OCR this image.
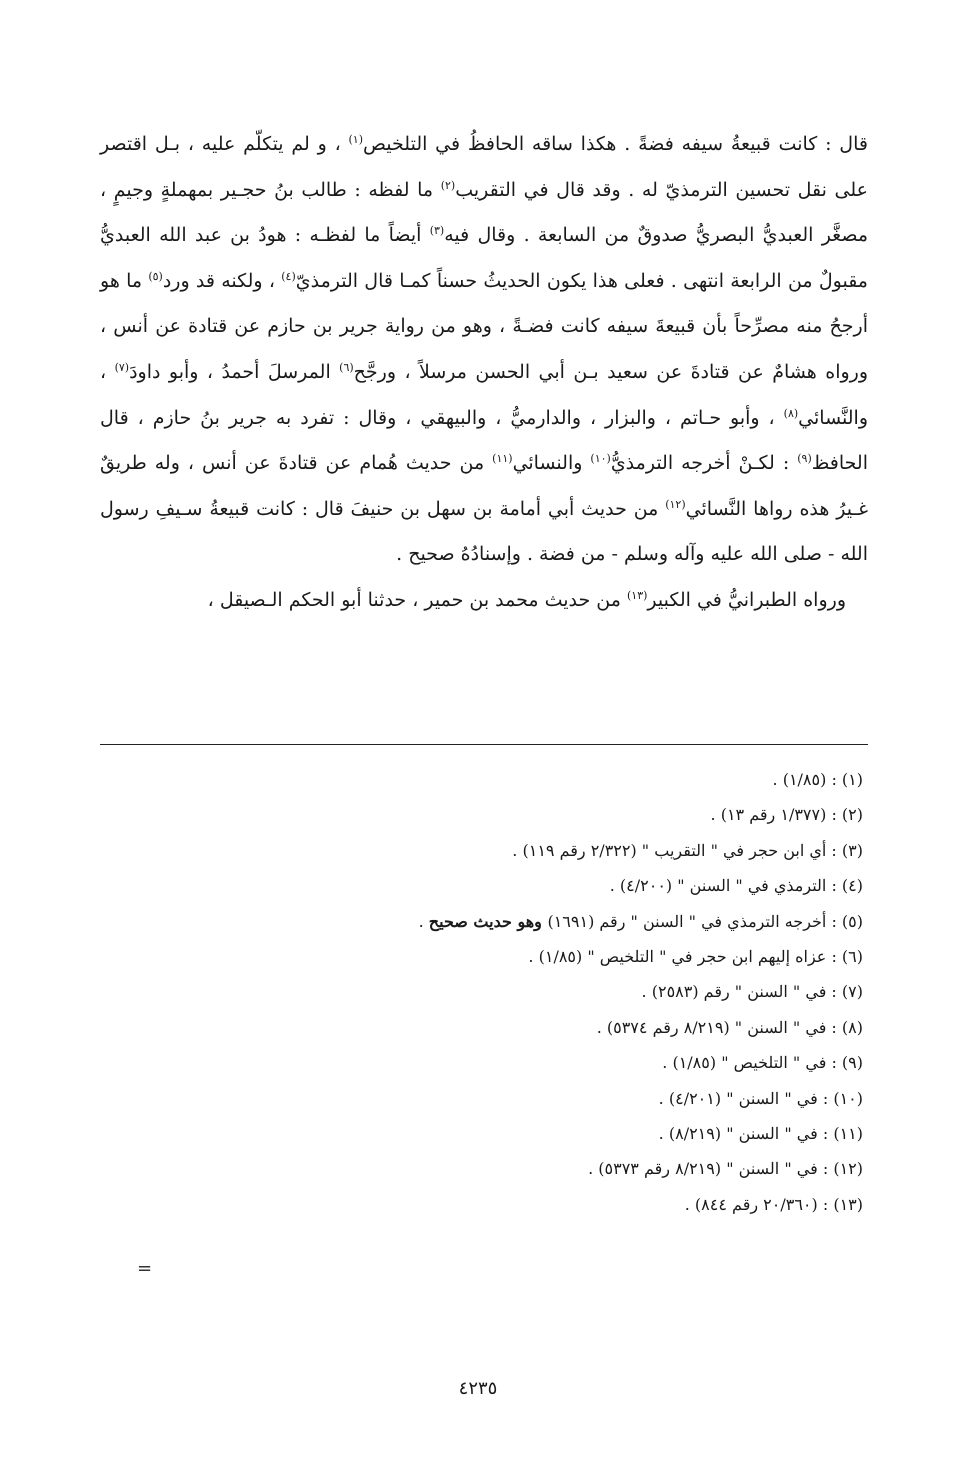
قال : كانت قبيعةُ سيفه فضةً . هكذا ساقه الحافظُ في التلخيص$^{(١)}$ ، و لم يتكلّم عليه ، بـل اقتصر على نقل تحسين الترمذيّ له . وقد قال في التقريب$^{(٢)}$ ما لفظه : طالب بنُ حجـير بمهملةٍ وجيمٍ ، مصغَّر العبديُّ البصريُّ صدوقٌ من السابعة . وقال فيه$^{(٣)}$ أيضاً ما لفظـه : هودُ بن عبد الله العبديُّ مقبولٌ من الرابعة انتهى . فعلى هذا يكون الحديثُ حسناً كمـا قال الترمذيّ$^{(٤)}$ ، ولكنه قد ورد$^{(٥)}$ ما هو أرجحُ منه مصرِّحاً بأن قبيعةَ سيفه كانت فضـةً ، وهو من رواية جرير بن حازم عن قتادة عن أنس ، ورواه هشامٌ عن قتادةَ عن سعيد بـن أبي الحسن مرسلاً ، ورجَّح$^{(٦)}$ المرسلَ أحمدُ ، وأبو داودَ$^{(٧)}$ ، والنَّسائي$^{(٨)}$ ، وأبو حـاتم ، والبزار ، والدارميُّ ، والبيهقي ، وقال : تفرد به جرير بنُ حازم ، قال الحافظ$^{(٩)}$ : لكـنْ أخرجه الترمذيُّ$^{(١٠)}$ والنسائي$^{(١١)}$ من حديث هُمام عن قتادةَ عن أنس ، وله طريقٌ غـيرُ هذه رواها النَّسائي$^{(١٢)}$ من حديث أبي أمامة بن سهل بن حنيفَ قال : كانت قبيعةُ سـيفِ رسول الله - صلى الله عليه وآله وسلم - من فضة . وإسنادُهُ صحيح .

ورواه الطبرانيُّ في الكبير$^{(١٣)}$ من حديث محمد بن حمير ، حدثنا أبو الحكم الـصيقل ،

(١) : (١/٨٥) .
(٢) : (١/٣٧٧ رقم ١٣) .
(٣) : أي ابن حجر في " التقريب " (٢/٣٢٢ رقم ١١٩) .
(٤) : الترمذي في " السنن " (٤/٢٠٠) .
(٥) : أخرجه الترمذي في " السنن " رقم (١٦٩١) وهو حديث صحيح .
(٦) : عزاه إليهم ابن حجر في " التلخيص " (١/٨٥) .
(٧) : في " السنن " رقم (٢٥٨٣) .
(٨) : في " السنن " (٨/٢١٩ رقم ٥٣٧٤) .
(٩) : في " التلخيص " (١/٨٥) .
(١٠) : في " السنن " (٤/٢٠١) .
(١١) : في " السنن " (٨/٢١٩) .
(١٢) : في " السنن " (٨/٢١٩ رقم ٥٣٧٣) .
(١٣) : (٢٠/٣٦٠ رقم ٨٤٤) .
=
٤٢٣٥
